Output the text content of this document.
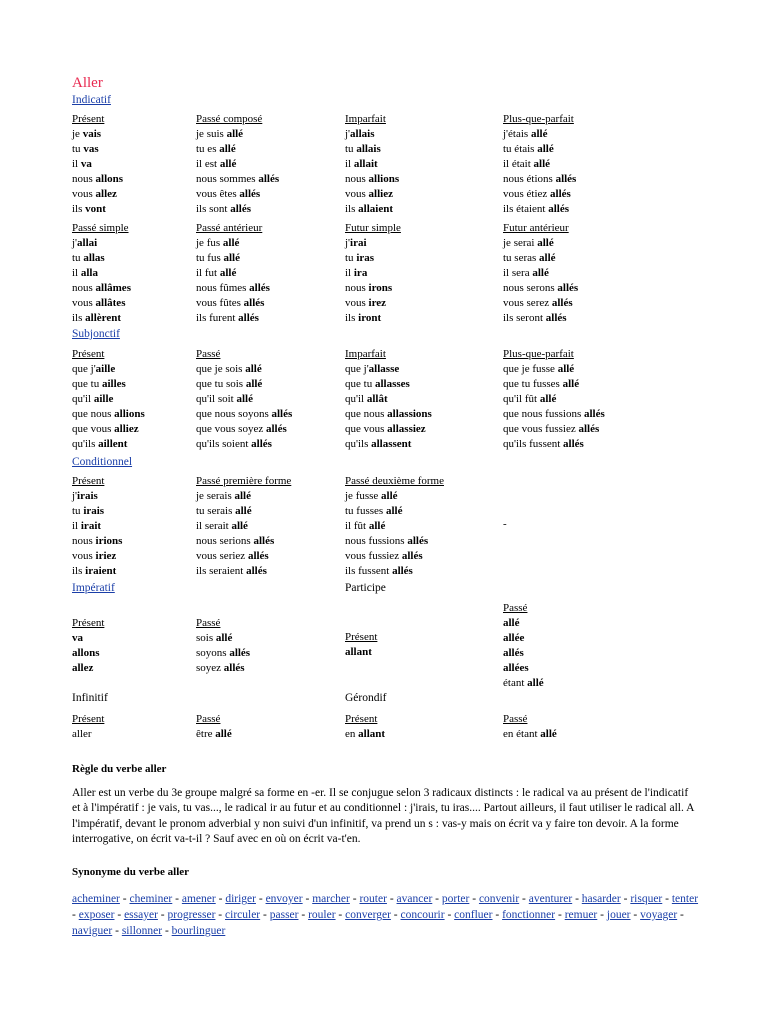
Aller
Indicatif
Subjonctif
Conditionnel
-
Impératif	Participe
Infinitif	Gérondif
Règle du verbe aller
Aller est un verbe du 3e groupe malgré sa forme en -er. Il se conjugue selon 3 radicaux distincts : le radical va au présent de l'indicatif et à l'impératif : je vais, tu vas..., le radical ir au futur et au conditionnel : j'irais, tu iras.... Partout ailleurs, il faut utiliser le radical all. A l'impératif, devant le pronom adverbial y non suivi d'un infinitif, va prend un s : vas-y mais on écrit va y faire ton devoir. A la forme interrogative, on écrit va-t-il ? Sauf avec en où on écrit va-t'en.
Synonyme du verbe aller
acheminer - cheminer - amener - diriger - envoyer - marcher - router - avancer - porter - convenir - aventurer - hasarder - risquer - tenter - exposer - essayer - progresser - circuler - passer - rouler - converger - concourir - confluer - fonctionner - remuer - jouer - voyager - naviguer - sillonner - bourlinguer
Présent
je vais
tu vas
il va
nous allons
vous allez
ils vont
Passé composé
je suis allé
tu es allé
il est allé
nous sommes allés
vous êtes allés
ils sont allés
Imparfait
j'allais
tu allais
il allait
nous allions
vous alliez
ils allaient
Plus-que-parfait
j'étais allé
tu étais allé
il était allé
nous étions allés
vous étiez allés
ils étaient allés
Passé simple
j'allai
tu allas
il alla
nous allâmes
vous allâtes
ils allèrent
Passé antérieur
je fus allé
tu fus allé
il fut allé
nous fûmes allés
vous fûtes allés
ils furent allés
Futur simple
j'irai
tu iras
il ira
nous irons
vous irez
ils iront
Futur antérieur
je serai allé
tu seras allé
il sera allé
nous serons allés
vous serez allés
ils seront allés
Présent
que j'aille
que tu ailles
qu'il aille
que nous allions
que vous alliez
qu'ils aillent
Passé
que je sois allé
que tu sois allé
qu'il soit allé
que nous soyons allés
que vous soyez allés
qu'ils soient allés
Imparfait
que j'allasse
que tu allasses
qu'il allât
que nous allassions
que vous allassiez
qu'ils allassent
Plus-que-parfait
que je fusse allé
que tu fusses allé
qu'il fût allé
que nous fussions allés
que vous fussiez allés
qu'ils fussent allés
Présent
j'irais
tu irais
il irait
nous irions
vous iriez
ils iraient
Passé première forme
je serais allé
tu serais allé
il serait allé
nous serions allés
vous seriez allés
ils seraient allés
Passé deuxième forme
je fusse allé
tu fusses allé
il fût allé
nous fussions allés
vous fussiez allés
ils fussent allés
Présent
va
allons
allez
Passé
sois allé
soyons allés
soyez allés
Présent
allant
Passé
allé
allée
allés
allées
étant allé
Présent
aller
Passé
être allé
Présent
en allant
Passé
en étant allé
